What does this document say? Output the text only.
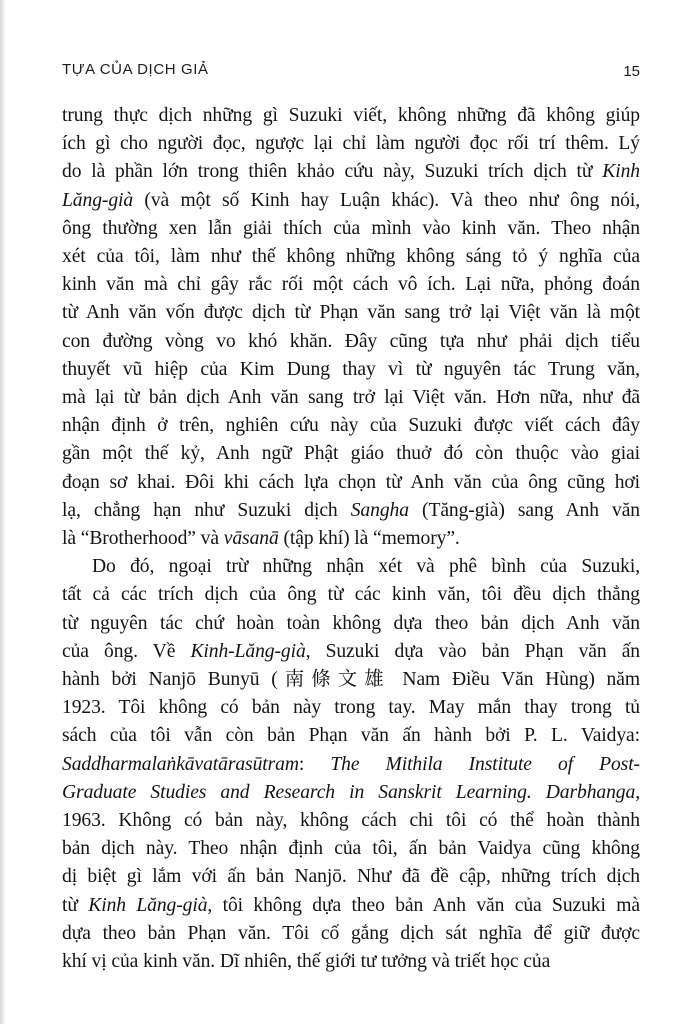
TỰA CỦA DỊCH GIẢ	15

trung thực dịch những gì Suzuki viết, không những đã không giúp
ích gì cho người đọc, ngược lại chỉ làm người đọc rối trí thêm. Lý
do là phần lớn trong thiên khảo cứu này, Suzuki trích dịch từ Kinh
Lăng-già (và một số Kinh hay Luận khác). Và theo như ông nói,
ông thường xen lẫn giải thích của mình vào kinh văn. Theo nhận
xét của tôi, làm như thế không những không sáng tỏ ý nghĩa của
kinh văn mà chỉ gây rắc rối một cách vô ích. Lại nữa, phỏng đoán
từ Anh văn vốn được dịch từ Phạn văn sang trở lại Việt văn là một
con đường vòng vo khó khăn. Đây cũng tựa như phải dịch tiểu
thuyết vũ hiệp của Kim Dung thay vì từ nguyên tác Trung văn,
mà lại từ bản dịch Anh văn sang trở lại Việt văn. Hơn nữa, như đã
nhận định ở trên, nghiên cứu này của Suzuki được viết cách đây
gần một thế kỷ, Anh ngữ Phật giáo thuở đó còn thuộc vào giai
đoạn sơ khai. Đôi khi cách lựa chọn từ Anh văn của ông cũng hơi
lạ, chẳng hạn như Suzuki dịch Sangha (Tăng-già) sang Anh văn
là “Brotherhood” và vāsanā (tập khí) là “memory”.

Do đó, ngoại trừ những nhận xét và phê bình của Suzuki,
tất cả các trích dịch của ông từ các kinh văn, tôi đều dịch thẳng
từ nguyên tác chứ hoàn toàn không dựa theo bản dịch Anh văn
của ông. Về Kinh-Lăng-già, Suzuki dựa vào bản Phạn văn ấn
hành bởi Nanjō Bunyū (南條文雄 Nam Điều Văn Hùng) năm
1923. Tôi không có bản này trong tay. May mắn thay trong tủ
sách của tôi vẫn còn bản Phạn văn ấn hành bởi P. L. Vaidya:
Saddharmalaṅkāvatārasūtram: The Mithila Institute of Post-
Graduate Studies and Research in Sanskrit Learning. Darbhanga,
1963. Không có bản này, không cách chi tôi có thể hoàn thành
bản dịch này. Theo nhận định của tôi, ấn bản Vaidya cũng không
dị biệt gì lắm với ấn bản Nanjō. Như đã đề cập, những trích dịch
từ Kinh Lăng-già, tôi không dựa theo bản Anh văn của Suzuki mà
dựa theo bản Phạn văn. Tôi cố gắng dịch sát nghĩa để giữ được
khí vị của kinh văn. Dĩ nhiên, thế giới tư tưởng và triết học của
